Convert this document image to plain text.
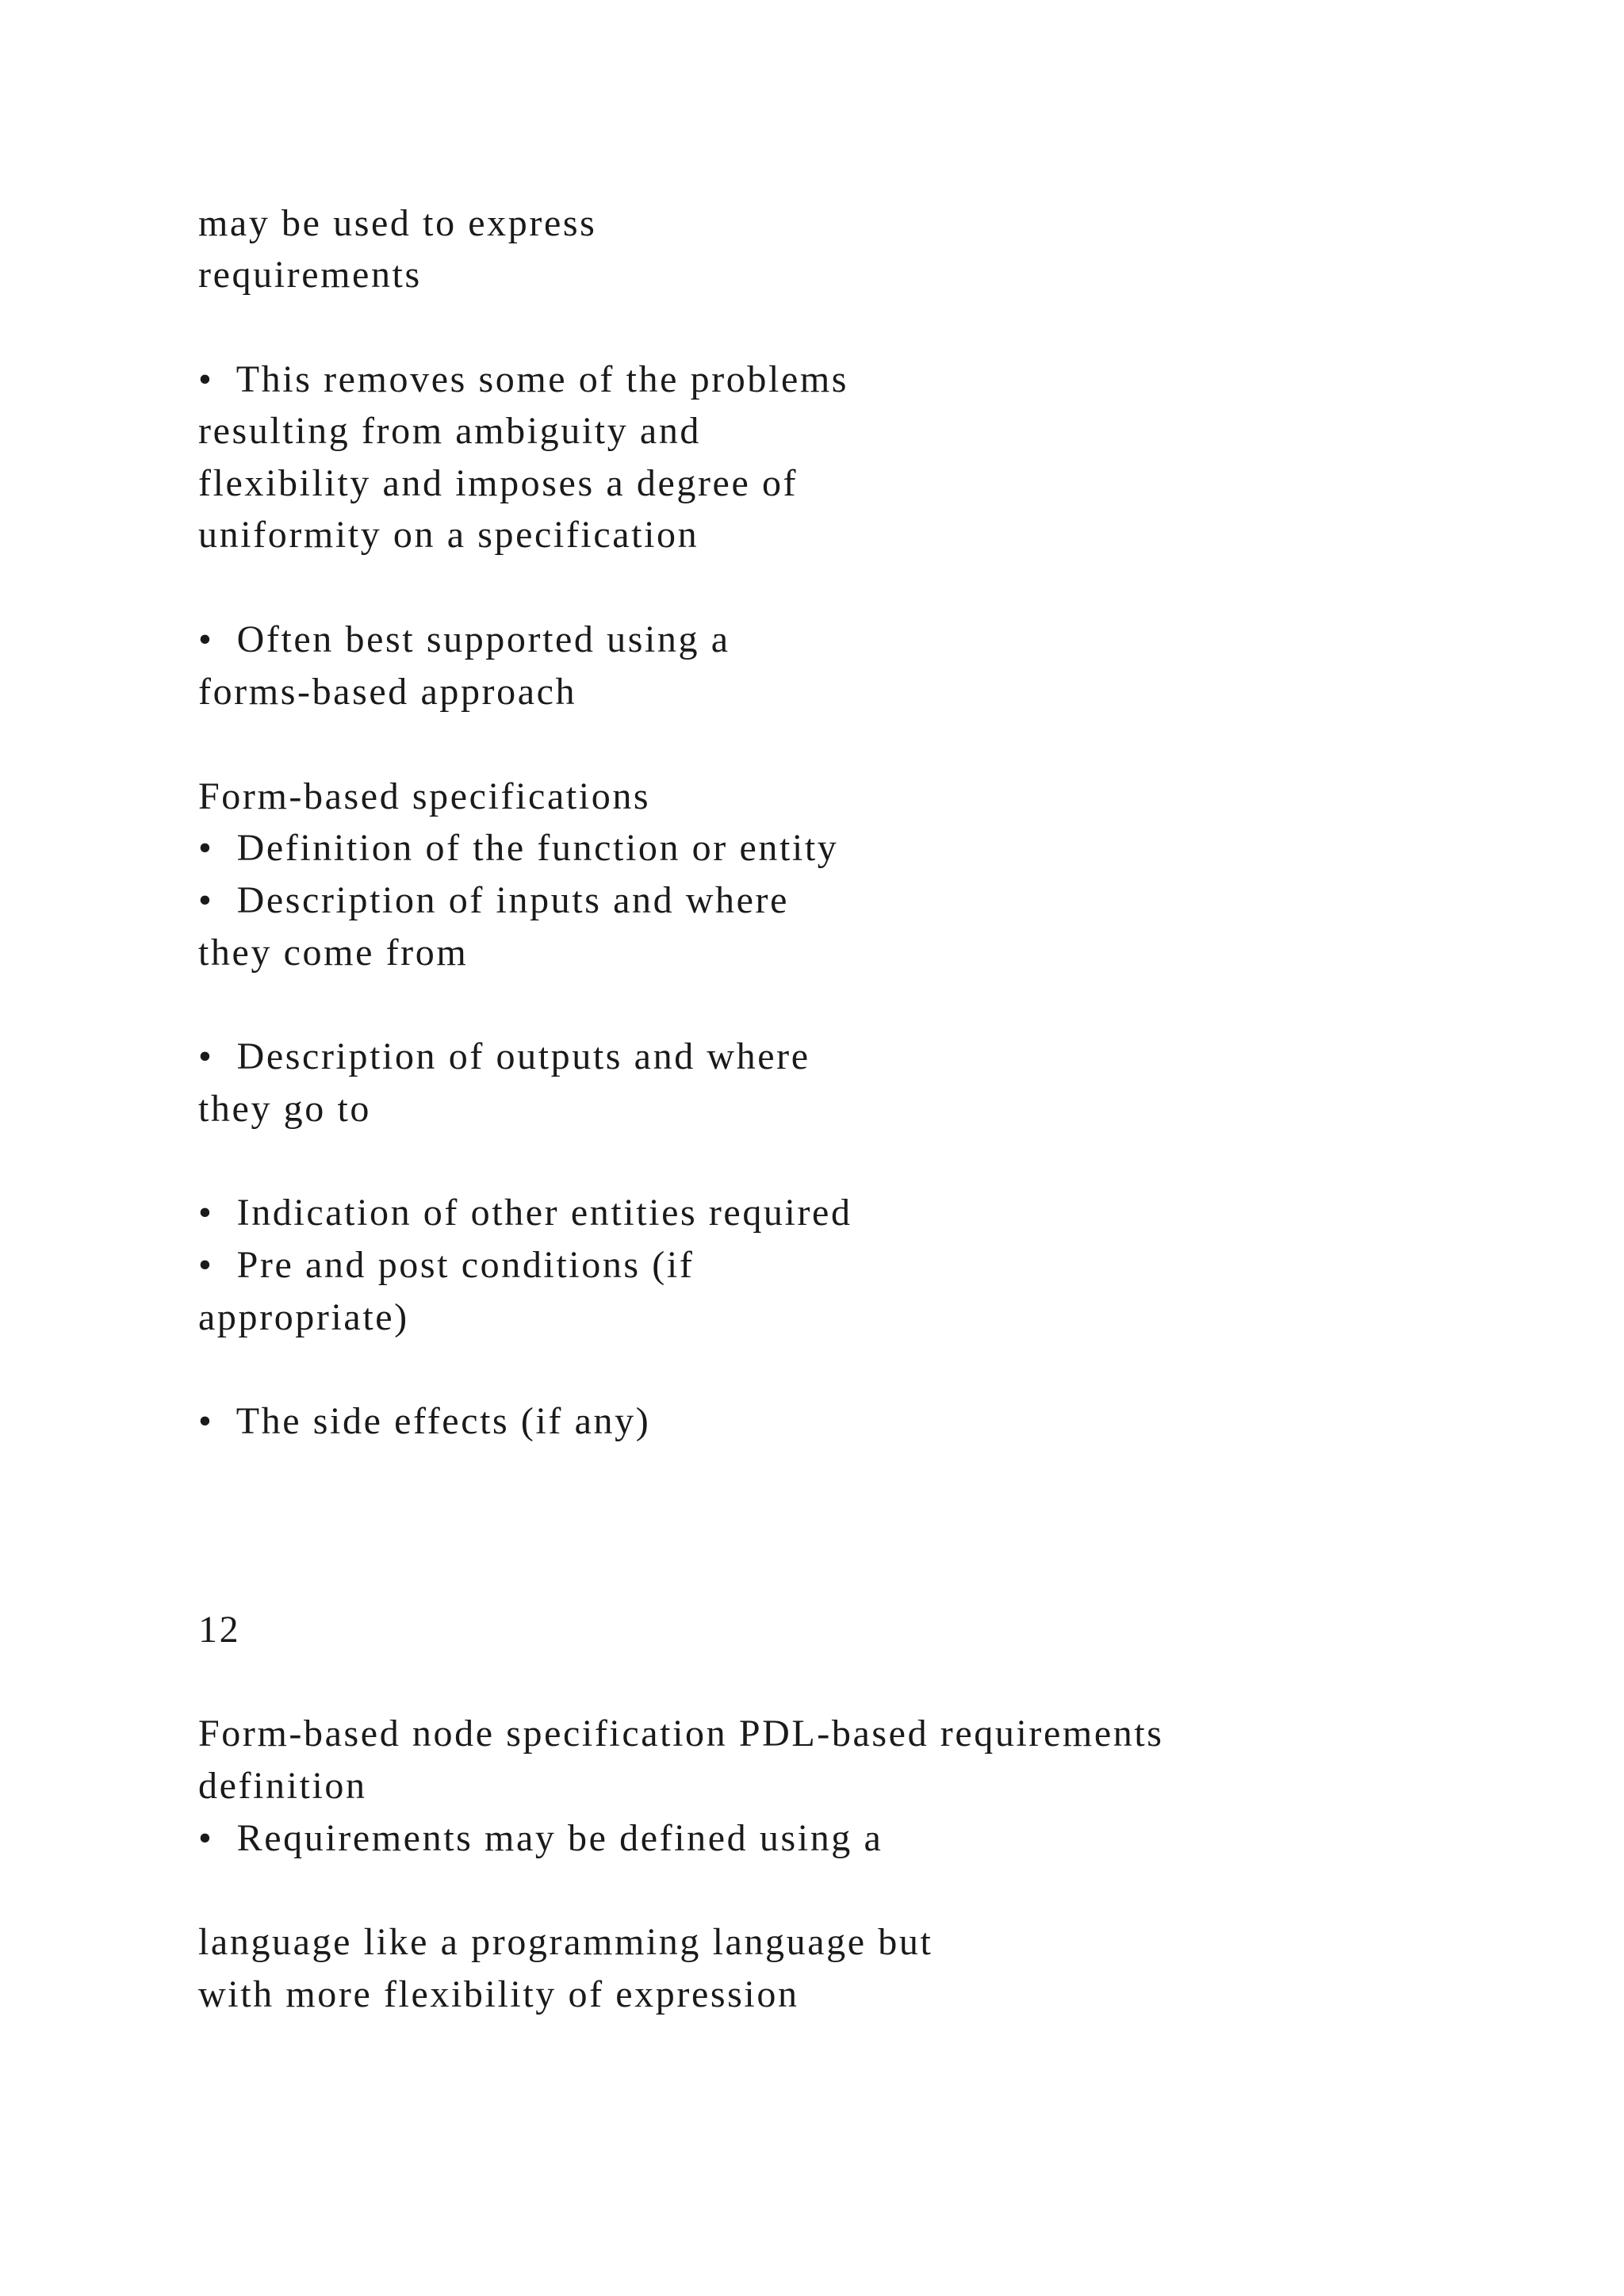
may be used to express

requirements

•  This removes some of the problems

resulting from ambiguity and

flexibility and imposes a degree of

uniformity on a specification

•  Often best supported using a

forms-based approach

Form-based specifications

•  Definition of the function or entity

•  Description of inputs and where

they come from

•  Description of outputs and where

they go to

•  Indication of other entities required

•  Pre and post conditions (if

appropriate)

•  The side effects (if any)

12

Form-based node specification PDL-based requirements

definition

•  Requirements may be defined using a

language like a programming language but

with more flexibility of expression
